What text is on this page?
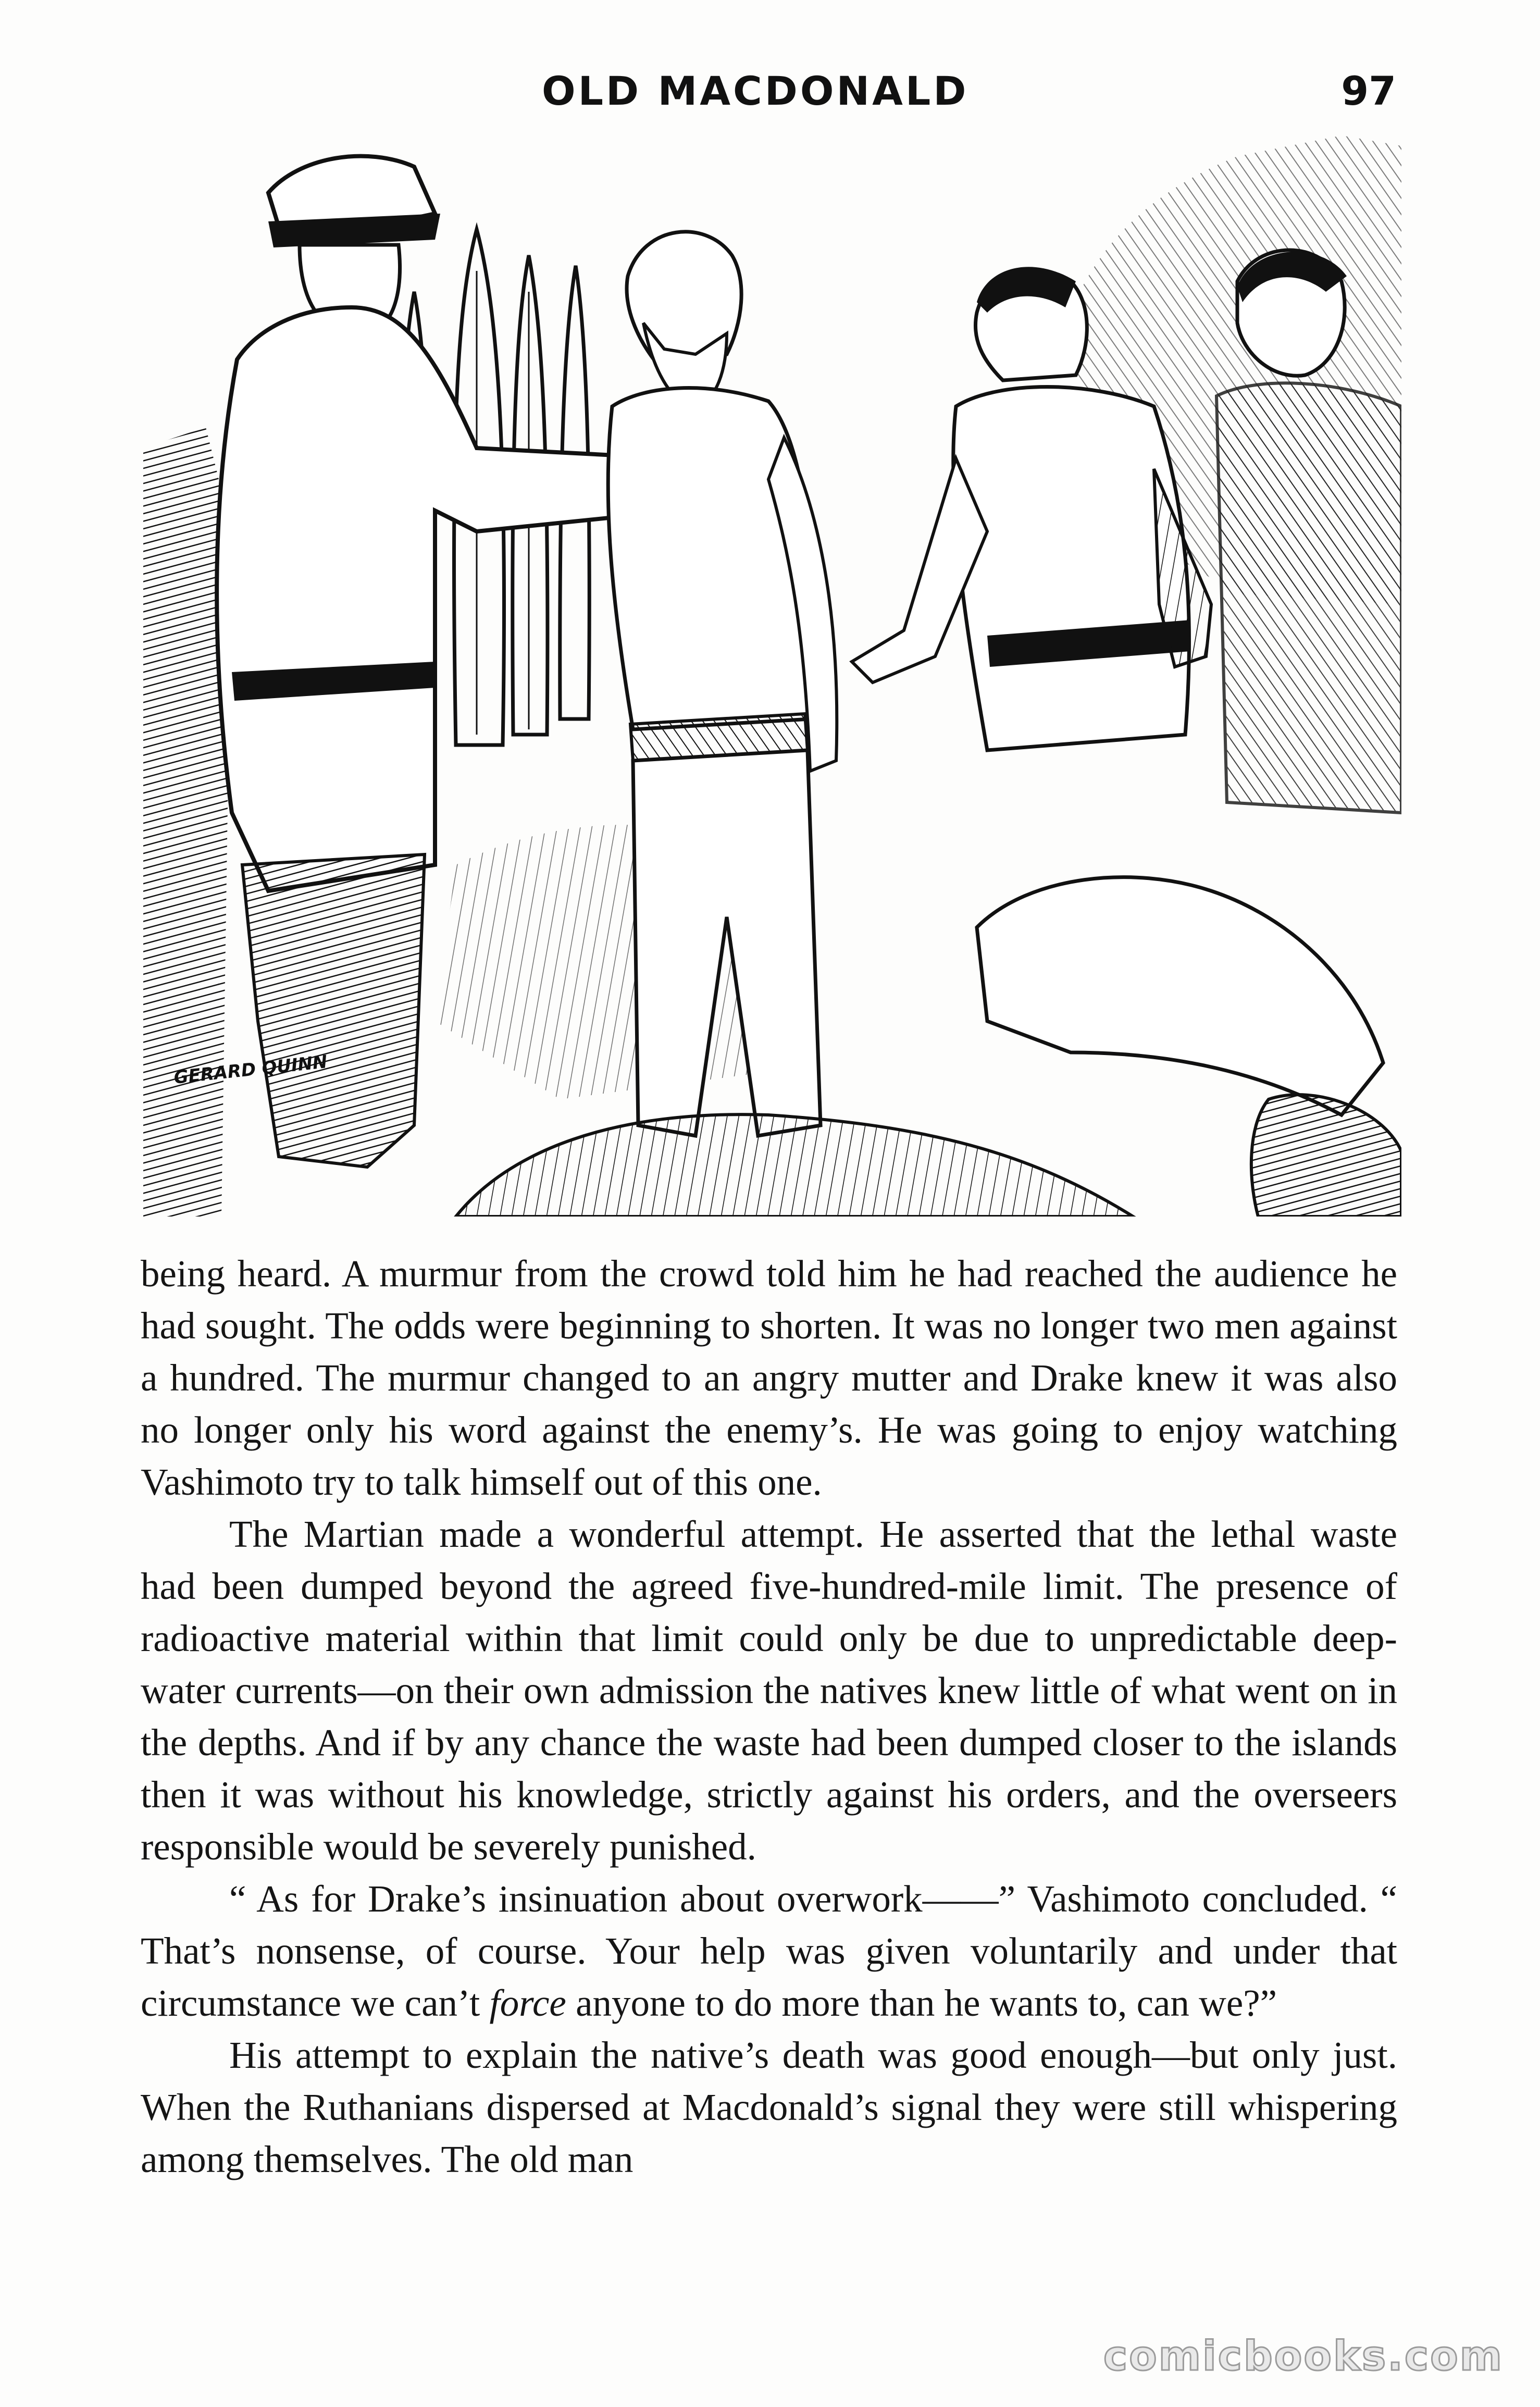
OLD MACDONALD	97
GERARD QUINN

being heard. A murmur from the crowd told him he had reached the audience he had sought. The odds were beginning to shorten. It was no longer two men against a hundred. The murmur changed to an angry mutter and Drake knew it was also no longer only his word against the enemy’s. He was going to enjoy watching Vashimoto try to talk himself out of this one.

The Martian made a wonderful attempt. He asserted that the lethal waste had been dumped beyond the agreed five-hundred-mile limit. The presence of radioactive material within that limit could only be due to unpredictable deep-water currents—on their own admission the natives knew little of what went on in the depths. And if by any chance the waste had been dumped closer to the islands then it was without his knowledge, strictly against his orders, and the overseers responsible would be severely punished.

“ As for Drake’s insinuation about overwork——” Vashimoto concluded. “ That’s nonsense, of course. Your help was given voluntarily and under that circumstance we can’t force anyone to do more than he wants to, can we?”

His attempt to explain the native’s death was good enough—but only just. When the Ruthanians dispersed at Macdonald’s signal they were still whispering among themselves. The old man

comicbooks.com
